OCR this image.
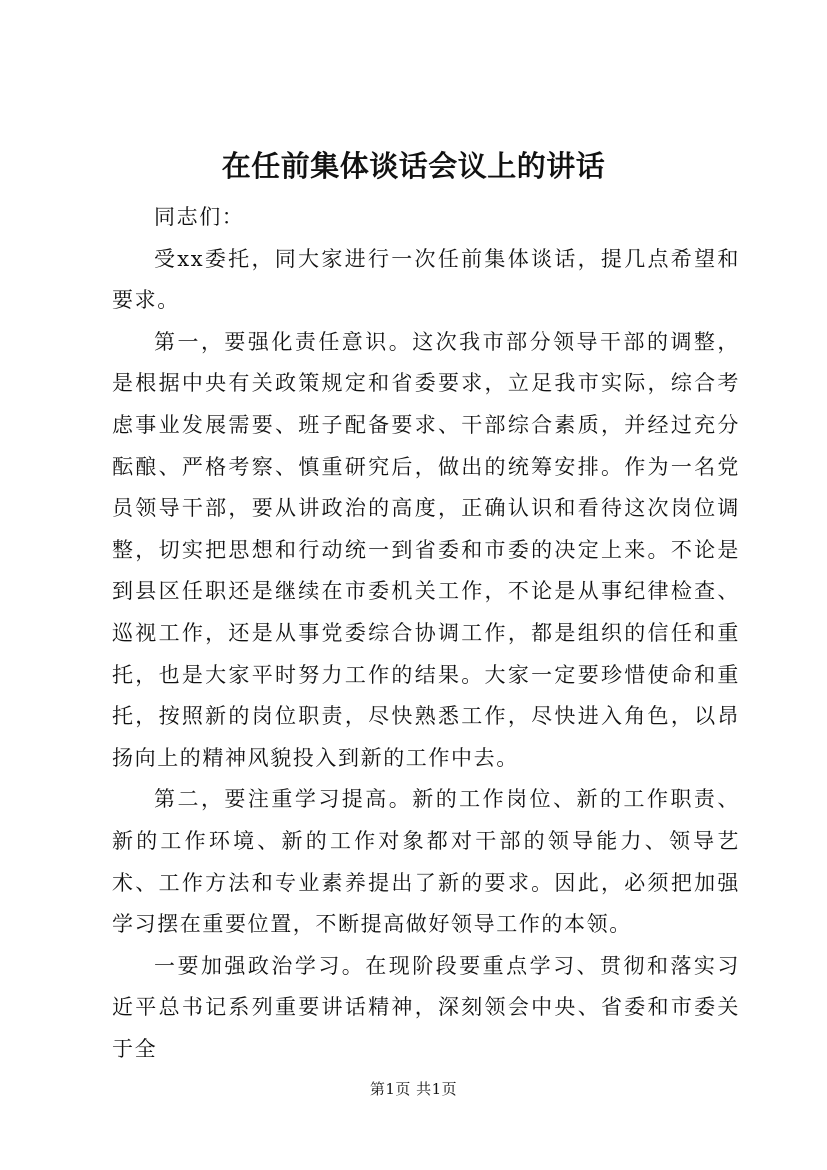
在任前集体谈话会议上的讲话

同志们：

受xx委托，同大家进行一次任前集体谈话，提几点希望和要求。

第一，要强化责任意识。这次我市部分领导干部的调整，是根据中央有关政策规定和省委要求，立足我市实际，综合考虑事业发展需要、班子配备要求、干部综合素质，并经过充分酝酿、严格考察、慎重研究后，做出的统筹安排。作为一名党员领导干部，要从讲政治的高度，正确认识和看待这次岗位调整，切实把思想和行动统一到省委和市委的决定上来。不论是到县区任职还是继续在市委机关工作，不论是从事纪律检查、巡视工作，还是从事党委综合协调工作，都是组织的信任和重托，也是大家平时努力工作的结果。大家一定要珍惜使命和重托，按照新的岗位职责，尽快熟悉工作，尽快进入角色，以昂扬向上的精神风貌投入到新的工作中去。

第二，要注重学习提高。新的工作岗位、新的工作职责、新的工作环境、新的工作对象都对干部的领导能力、领导艺术、工作方法和专业素养提出了新的要求。因此，必须把加强学习摆在重要位置，不断提高做好领导工作的本领。

一要加强政治学习。在现阶段要重点学习、贯彻和落实习近平总书记系列重要讲话精神，深刻领会中央、省委和市委关于全

第1页 共1页
